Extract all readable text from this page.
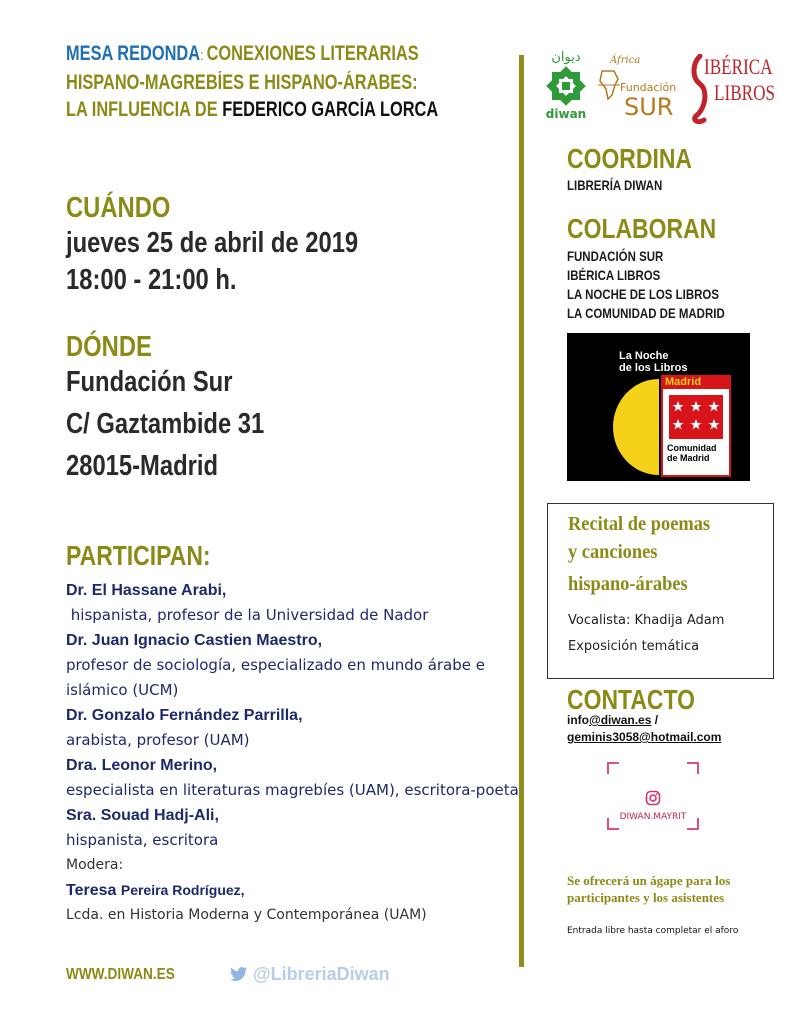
MESA REDONDA: CONEXIONES LITERARIAS
HISPANO-MAGREBÍES E HISPANO-ÁRABES:
LA INFLUENCIA DE FEDERICO GARCÍA LORCA
CUÁNDO
jueves 25 de abril de 2019
18:00 - 21:00 h.
DÓNDE
Fundación Sur
C/ Gaztambide 31
28015-Madrid
PARTICIPAN:
Dr. El Hassane Arabi,
hispanista, profesor de la Universidad de Nador
Dr. Juan Ignacio Castien Maestro,
profesor de sociología, especializado en mundo árabe e islámico (UCM)
Dr. Gonzalo Fernández Parrilla,
arabista, profesor (UAM)
Dra. Leonor Merino,
especialista en literaturas magrebíes (UAM), escritora-poeta
Sra. Souad Hadj-Ali,
hispanista, escritora
Modera:
Teresa Pereira Rodríguez,
Lcda. en Historia Moderna y Contemporánea (UAM)
ديوان
diwan
África
Fundación
SUR
IBÉRICA
LIBROS
COORDINA
LIBRERÍA DIWAN
COLABORAN
FUNDACIÓN SUR
IBÉRICA LIBROS
LA NOCHE DE LOS LIBROS
LA COMUNIDAD DE MADRID
La Noche
de los Libros
Madrid
Comunidad
de Madrid
Recital de poemas
y canciones
hispano-árabes
Vocalista: Khadija Adam
Exposición temática
CONTACTO
info@diwan.es /
geminis3058@hotmail.com
DIWAN.MAYRIT
Se ofrecerá un ágape para los
participantes y los asistentes
Entrada libre hasta completar el aforo
WWW.DIWAN.ES	@LibreriaDiwan
